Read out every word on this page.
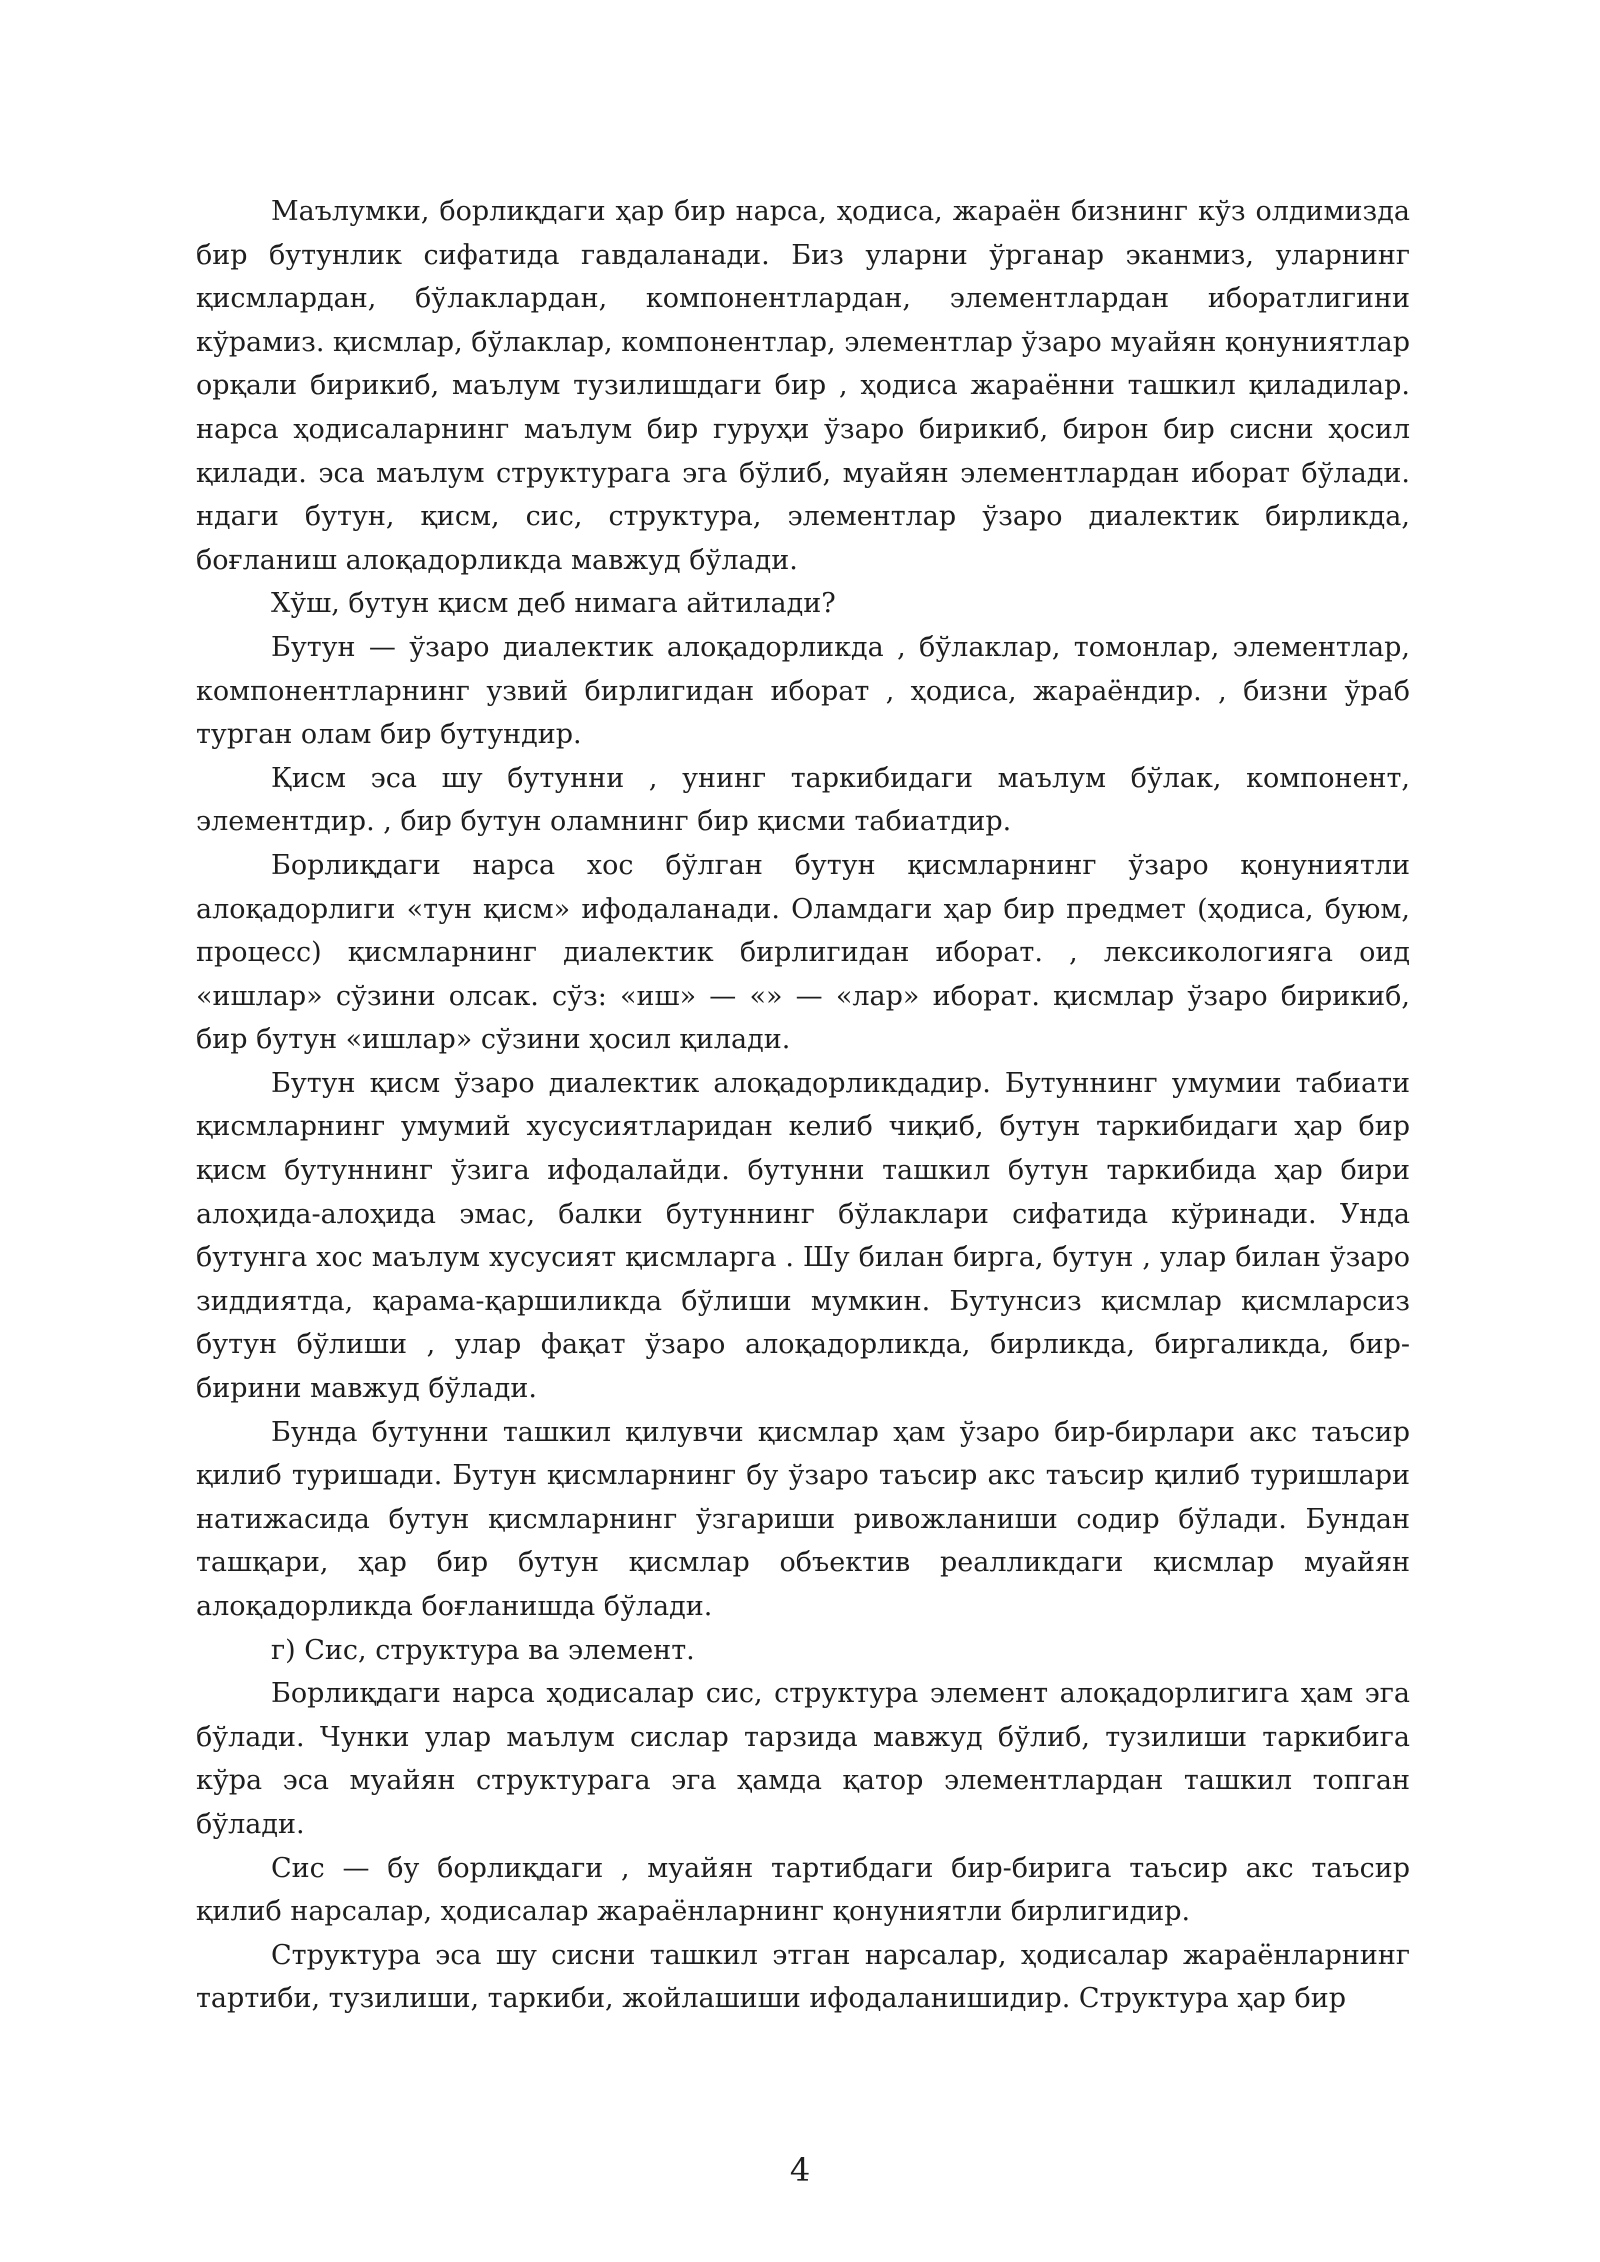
Маълумки, борлиқдаги ҳар бир нарса, ҳодиса, жараён бизнинг кўз олдимизда бир бутунлик сифатида гавдаланади. Биз уларни ўрганар эканмиз, уларнинг қисмлардан, бўлаклардан, компонентлардан, элементлардан иборатлигини кўрамиз. қисмлар, бўлаклар, компонентлар, элементлар ўзаро муайян қонуниятлар орқали бирикиб, маълум тузилишдаги бир , ҳодиса жараённи ташкил қиладилар. нарса ҳодисаларнинг маълум бир гуруҳи ўзаро бирикиб, бирон бир сисни ҳосил қилади. эса маълум структурага эга бўлиб, муайян элементлардан иборат бўлади. ндаги бутун, қисм, сис, структура, элементлар ўзаро диалектик бирликда, боғланиш алоқадорликда мавжуд бўлади.

Хўш, бутун қисм деб нимага айтилади?

Бутун — ўзаро диалектик алоқадорликда , бўлаклар, томонлар, элементлар, компонентларнинг узвий бирлигидан иборат , ҳодиса, жараёндир. , бизни ўраб турган олам бир бутундир.

Қисм эса шу бутунни , унинг таркибидаги маълум бўлак, компонент, элементдир. , бир бутун оламнинг бир қисми табиатдир.

Борлиқдаги нарса хос бўлган бутун қисмларнинг ўзаро қонуниятли алоқадорлиги «тун қисм» ифодаланади. Оламдаги ҳар бир предмет (ҳодиса, буюм, процесс) қисмларнинг диалектик бирлигидан иборат. , лексикологияга оид «ишлар» сўзини олсак. сўз: «иш» — «» — «лар» иборат. қисмлар ўзаро бирикиб, бир бутун «ишлар» сўзини ҳосил қилади.

Бутун қисм ўзаро диалектик алоқадорликдадир. Бутуннинг умумии табиати қисмларнинг умумий хусусиятларидан келиб чиқиб, бутун таркибидаги ҳар бир қисм бутуннинг ўзига ифодалайди. бутунни ташкил бутун таркибида ҳар бири алоҳида-алоҳида эмас, балки бутуннинг бўлаклари сифатида кўринади. Унда бутунга хос маълум хусусият қисмларга . Шу билан бирга, бутун , улар билан ўзаро зиддиятда, қарама-қаршиликда бўлиши мумкин. Бутунсиз қисмлар қисмларсиз бутун бўлиши , улар фақат ўзаро алоқадорликда, бирликда, биргаликда, бир-бирини мавжуд бўлади.

Бунда бутунни ташкил қилувчи қисмлар ҳам ўзаро бир-бирлари акс таъсир қилиб туришади. Бутун қисмларнинг бу ўзаро таъсир акс таъсир қилиб туришлари натижасида бутун қисмларнинг ўзгариши ривожланиши содир бўлади. Бундан ташқари, ҳар бир бутун қисмлар объектив реалликдаги қисмлар муайян алоқадорликда боғланишда бўлади.

г) Сис, структура ва элемент.

Борлиқдаги нарса ҳодисалар сис, структура элемент алоқадорлигига ҳам эга бўлади. Чунки улар маълум сислар тарзида мавжуд бўлиб, тузилиши таркибига кўра эса муайян структурага эга ҳамда қатор элементлардан ташкил топган бўлади.

Сис — бу борлиқдаги , муайян тартибдаги бир-бирига таъсир акс таъсир қилиб нарсалар, ҳодисалар жараёнларнинг қонуниятли бирлигидир.

Структура эса шу сисни ташкил этган нарсалар, ҳодисалар жараёнларнинг тартиби, тузилиши, таркиби, жойлашиши ифодаланишидир. Структура ҳар бир

4
